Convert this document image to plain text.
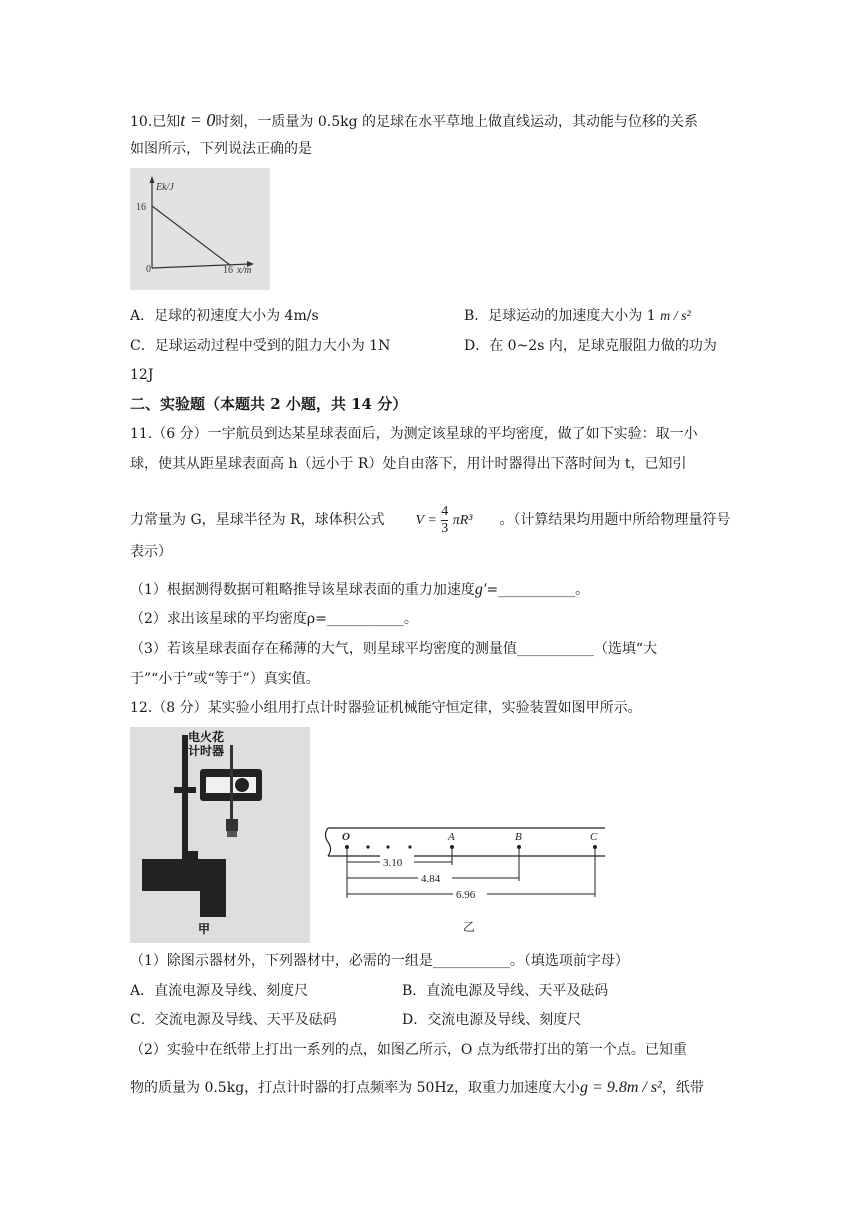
10.已知t = 0时刻，一质量为 0.5kg 的足球在水平草地上做直线运动，其动能与位移的关系
如图所示，下列说法正确的是
Ek/J
16
0	16 x/m
A．足球的初速度大小为 4m/s	B．足球运动的加速度大小为 1 m / s²
C．足球运动过程中受到的阻力大小为 1N	D．在 0~2s 内，足球克服阻力做的功为
12J
二、实验题（本题共 2 小题，共 14 分）
11.（6 分）一宇航员到达某星球表面后，为测定该星球的平均密度，做了如下实验：取一小
球，使其从距星球表面高 h（远小于 R）处自由落下，用计时器得出下落时间为 t，已知引
力常量为 G，星球半径为 R，球体积公式 $V = \frac{4}{3} \pi R^3$ 。（计算结果均用题中所给物理量符号
表示）
（1）根据测得数据可粗略推导该星球表面的重力加速度g′=___________。
（2）求出该星球的平均密度ρ=___________。
（3）若该星球表面存在稀薄的大气，则星球平均密度的测量值___________（选填“大
于”“小于”或“等于”）真实值。
12.（8 分）某实验小组用打点计时器验证机械能守恒定律，实验装置如图甲所示。
电火花
计时器
甲
O	A	B	C
3.10
4.84
6.96
乙
（1）除图示器材外，下列器材中，必需的一组是___________。（填选项前字母）
A．直流电源及导线、刻度尺	B．直流电源及导线、天平及砝码
C．交流电源及导线、天平及砝码	D．交流电源及导线、刻度尺
（2）实验中在纸带上打出一系列的点，如图乙所示，O 点为纸带打出的第一个点。已知重
物的质量为 0.5kg，打点计时器的打点频率为 50Hz，取重力加速度大小g = 9.8m / s²，纸带
